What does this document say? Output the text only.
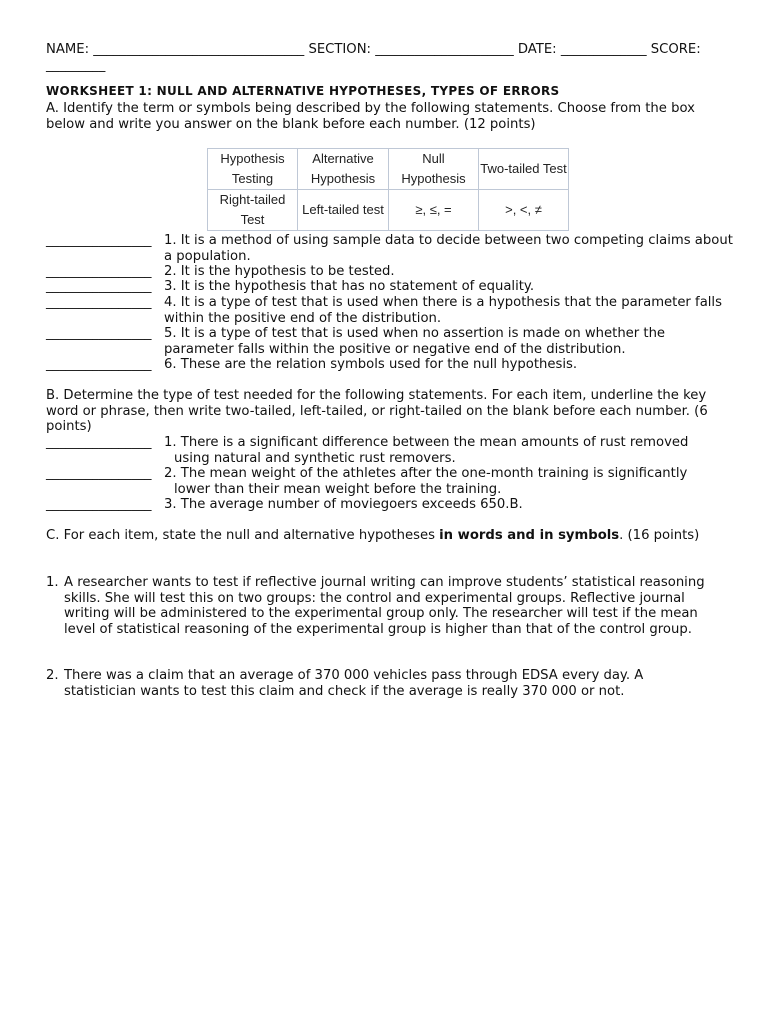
NAME: ________________________________ SECTION: _____________________ DATE: _____________ SCORE: _________
WORKSHEET 1: NULL AND ALTERNATIVE HYPOTHESES, TYPES OF ERRORS
A. Identify the term or symbols being described by the following statements. Choose from the box below and write you answer on the blank before each number. (12 points)
Hypothesis Testing	Alternative Hypothesis	Null Hypothesis	Two-tailed Test
Right-tailed Test	Left-tailed test	≥, ≤, =	>, <, ≠
________________ 1. It is a method of using sample data to decide between two competing claims about a population.
________________ 2. It is the hypothesis to be tested.
________________ 3. It is the hypothesis that has no statement of equality.
________________ 4. It is a type of test that is used when there is a hypothesis that the parameter falls within the positive end of the distribution.
________________ 5. It is a type of test that is used when no assertion is made on whether the parameter falls within the positive or negative end of the distribution.
________________ 6. These are the relation symbols used for the null hypothesis.
B. Determine the type of test needed for the following statements. For each item, underline the key word or phrase, then write two-tailed, left-tailed, or right-tailed on the blank before each number. (6 points)
________________ 1. There is a significant difference between the mean amounts of rust removed
using natural and synthetic rust removers.
________________ 2. The mean weight of the athletes after the one-month training is significantly
lower than their mean weight before the training.
________________ 3. The average number of moviegoers exceeds 650.B.
C. For each item, state the null and alternative hypotheses in words and in symbols. (16 points)
1. A researcher wants to test if reflective journal writing can improve students’ statistical reasoning skills. She will test this on two groups: the control and experimental groups. Reflective journal writing will be administered to the experimental group only. The researcher will test if the mean level of statistical reasoning of the experimental group is higher than that of the control group.
2. There was a claim that an average of 370 000 vehicles pass through EDSA every day. A statistician wants to test this claim and check if the average is really 370 000 or not.
